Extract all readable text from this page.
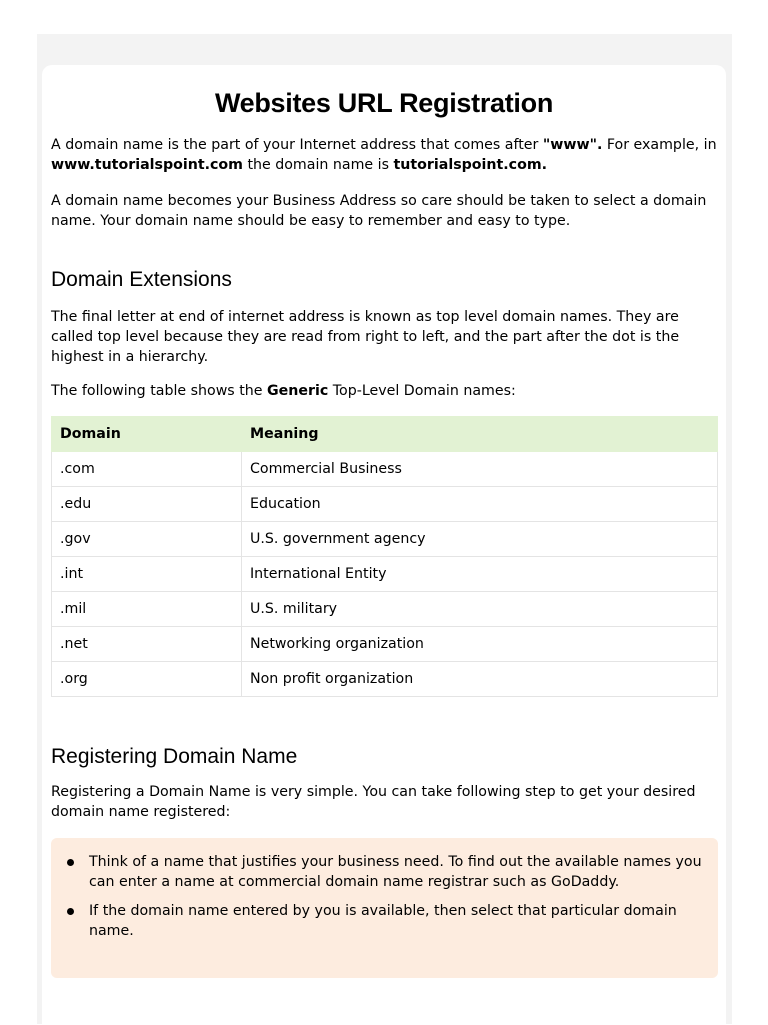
Websites URL Registration

A domain name is the part of your Internet address that comes after "www". For example, in www.tutorialspoint.com the domain name is tutorialspoint.com.

A domain name becomes your Business Address so care should be taken to select a domain name. Your domain name should be easy to remember and easy to type.

Domain Extensions

The final letter at end of internet address is known as top level domain names. They are called top level because they are read from right to left, and the part after the dot is the highest in a hierarchy.

The following table shows the Generic Top-Level Domain names:

Domain	Meaning
.com	Commercial Business
.edu	Education
.gov	U.S. government agency
.int	International Entity
.mil	U.S. military
.net	Networking organization
.org	Non profit organization
Registering Domain Name

Registering a Domain Name is very simple. You can take following step to get your desired domain name registered:

Think of a name that justifies your business need. To find out the available names you can enter a name at commercial domain name registrar such as GoDaddy.
If the domain name entered by you is available, then select that particular domain name.
